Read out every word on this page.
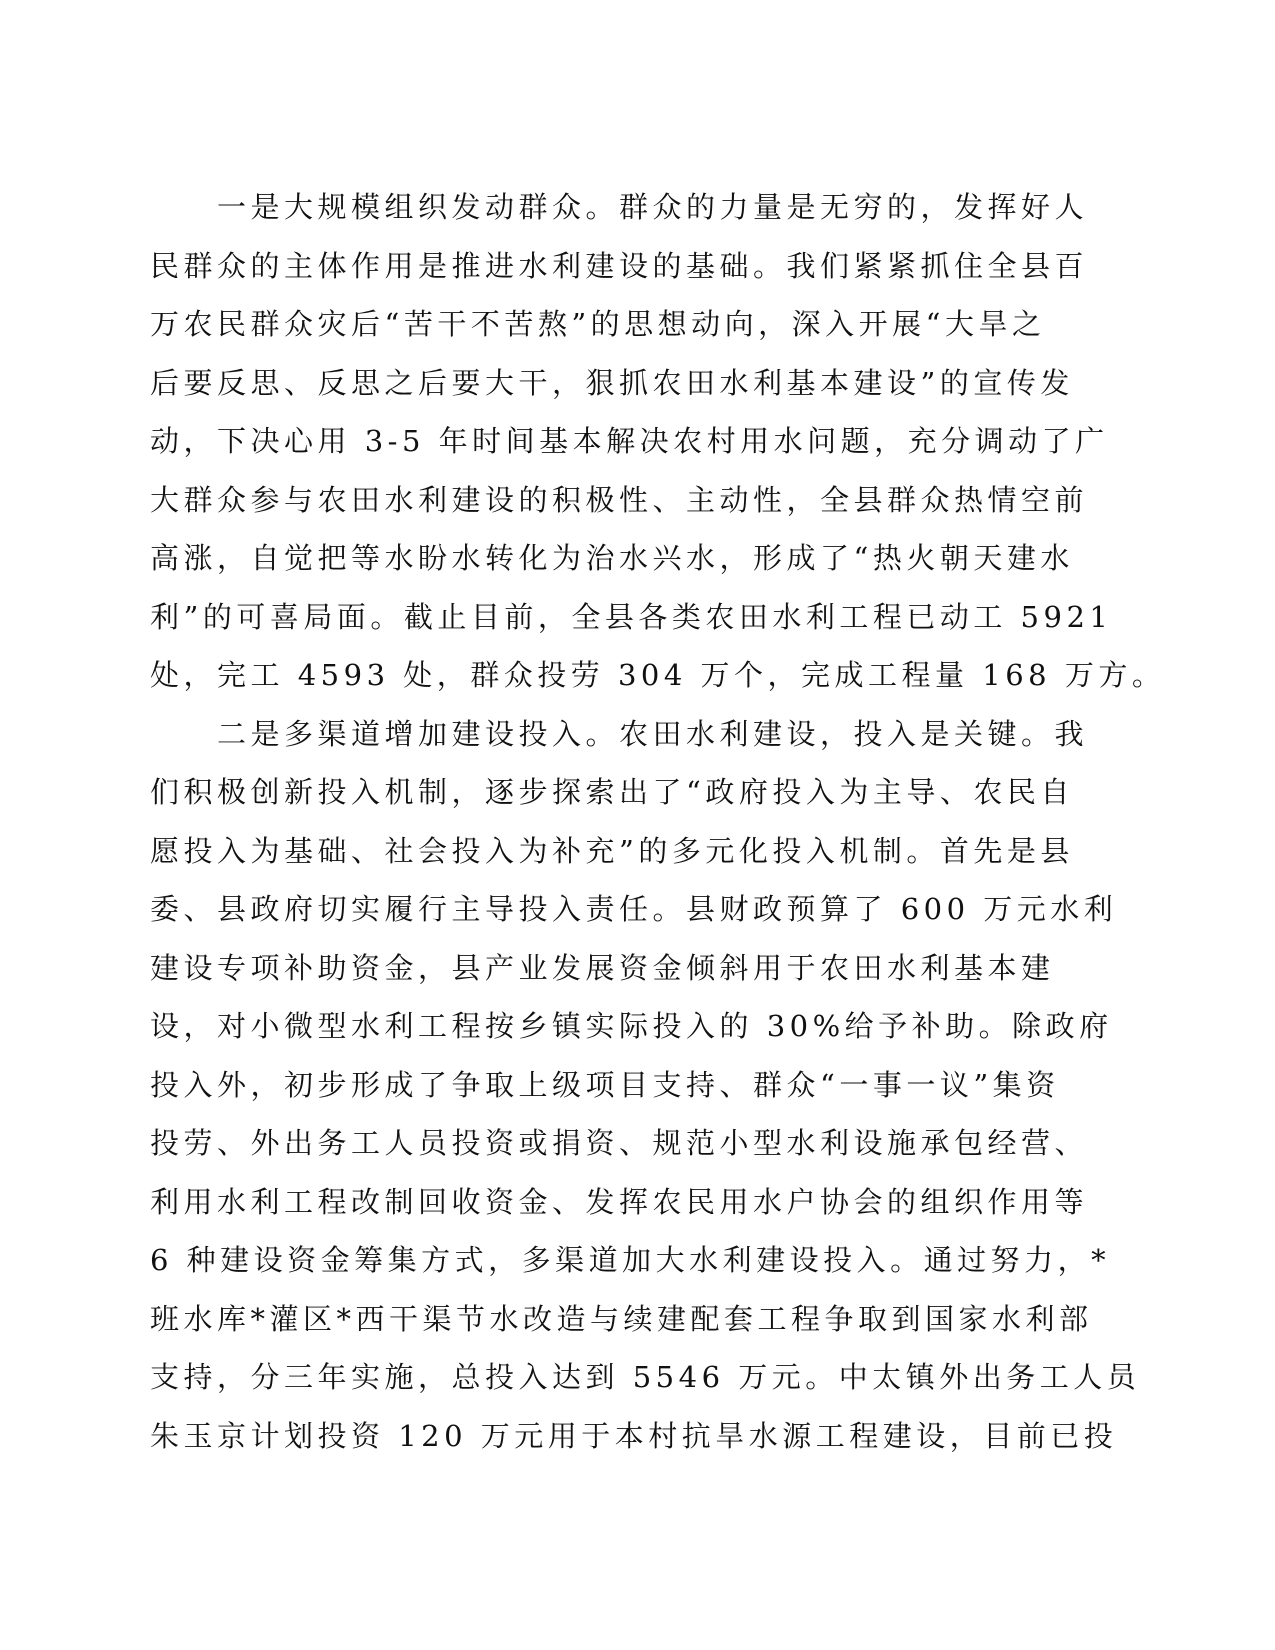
　　一是大规模组织发动群众。群众的力量是无穷的，发挥好人
民群众的主体作用是推进水利建设的基础。我们紧紧抓住全县百
万农民群众灾后“苦干不苦熬”的思想动向，深入开展“大旱之
后要反思、反思之后要大干，狠抓农田水利基本建设”的宣传发
动，下决心用 3-5 年时间基本解决农村用水问题，充分调动了广
大群众参与农田水利建设的积极性、主动性，全县群众热情空前
高涨，自觉把等水盼水转化为治水兴水，形成了“热火朝天建水
利”的可喜局面。截止目前，全县各类农田水利工程已动工 5921
处，完工 4593 处，群众投劳 304 万个，完成工程量 168 万方。
　　二是多渠道增加建设投入。农田水利建设，投入是关键。我
们积极创新投入机制，逐步探索出了“政府投入为主导、农民自
愿投入为基础、社会投入为补充”的多元化投入机制。首先是县
委、县政府切实履行主导投入责任。县财政预算了 600 万元水利
建设专项补助资金，县产业发展资金倾斜用于农田水利基本建
设，对小微型水利工程按乡镇实际投入的 30%给予补助。除政府
投入外，初步形成了争取上级项目支持、群众“一事一议”集资
投劳、外出务工人员投资或捐资、规范小型水利设施承包经营、
利用水利工程改制回收资金、发挥农民用水户协会的组织作用等
6 种建设资金筹集方式，多渠道加大水利建设投入。通过努力，*
班水库*灌区*西干渠节水改造与续建配套工程争取到国家水利部
支持，分三年实施，总投入达到 5546 万元。中太镇外出务工人员
朱玉京计划投资 120 万元用于本村抗旱水源工程建设，目前已投
